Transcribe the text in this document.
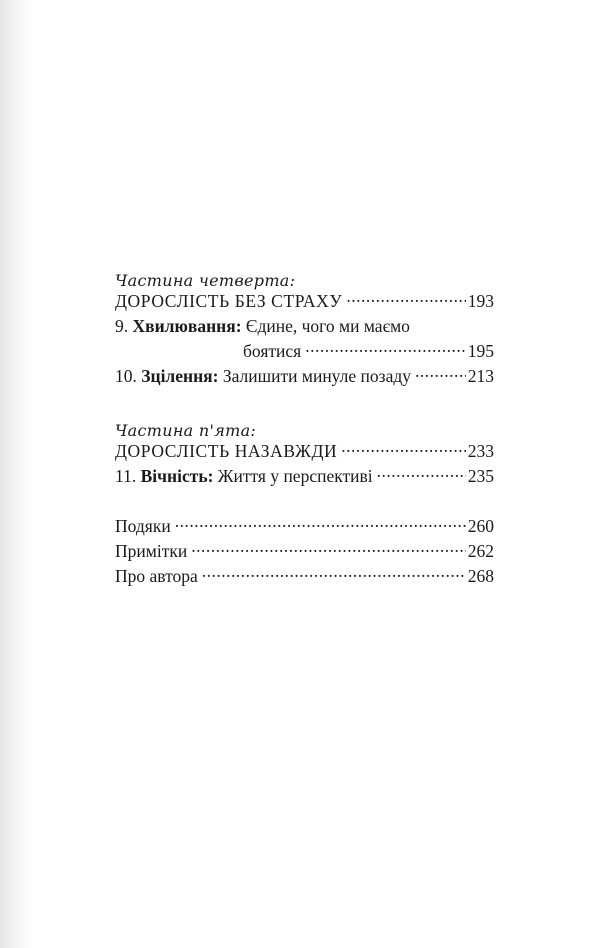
Частина четверта:
ДОРОСЛІСТЬ БЕЗ СТРАХУ .....	193
9. Хвилювання: Єдине, чого ми маємо
боятися .....	195
10. Зцілення: Залишити минуле позаду .....	213
Частина п'ята:
ДОРОСЛІСТЬ НАЗАВЖДИ .....	233
11. Вічність: Життя у перспективі .....	235
Подяки .....	260
Примітки .....	262
Про автора .....	268
